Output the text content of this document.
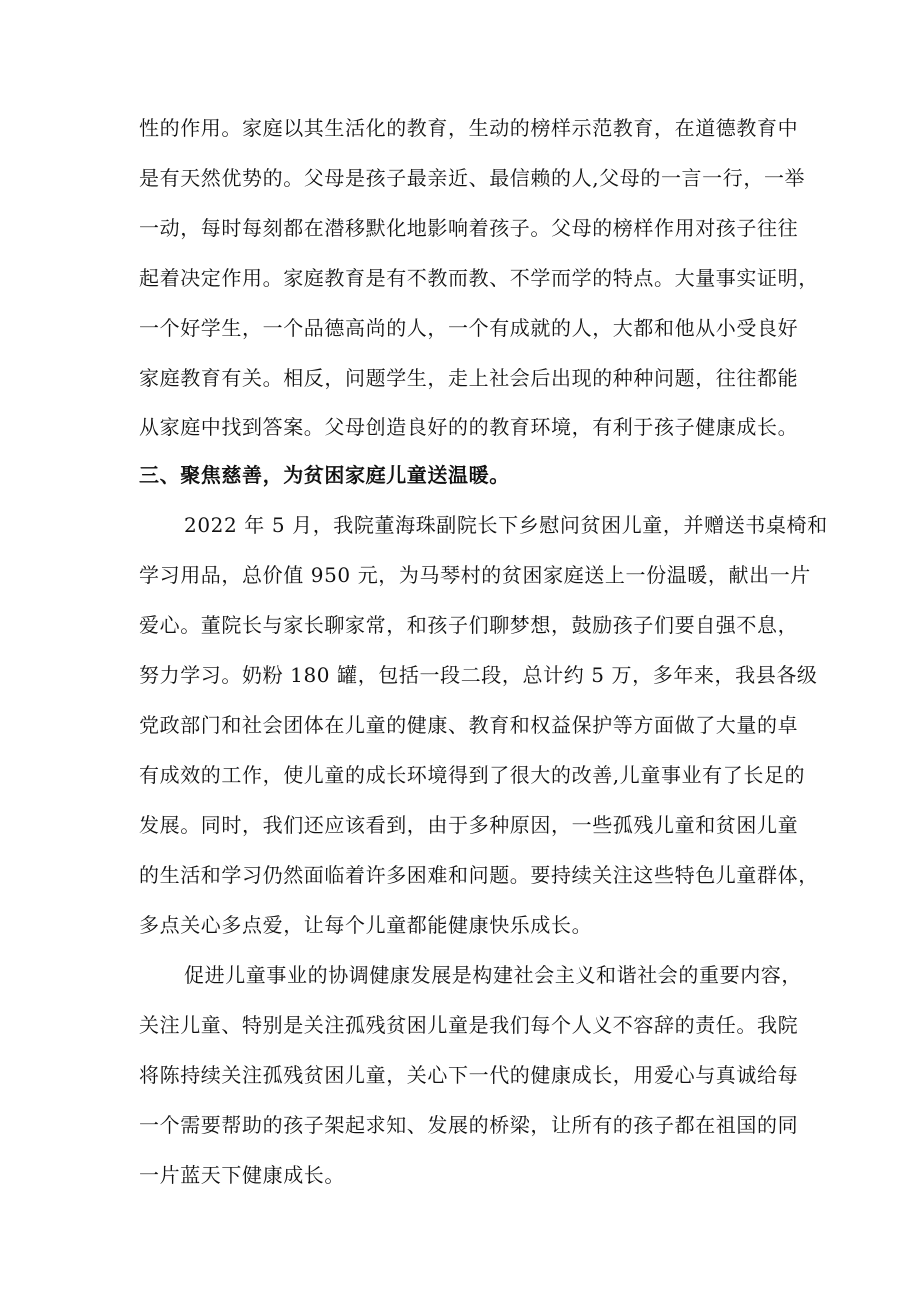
性的作用。家庭以其生活化的教育，生动的榜样示范教育，在道德教育中
是有天然优势的。父母是孩子最亲近、最信赖的人,父母的一言一行，一举
一动，每时每刻都在潜移默化地影响着孩子。父母的榜样作用对孩子往往
起着决定作用。家庭教育是有不教而教、不学而学的特点。大量事实证明，
一个好学生，一个品德高尚的人，一个有成就的人，大都和他从小受良好
家庭教育有关。相反，问题学生，走上社会后出现的种种问题，往往都能
从家庭中找到答案。父母创造良好的的教育环境，有利于孩子健康成长。
三、聚焦慈善，为贫困家庭儿童送温暖。
2022 年 5 月，我院董海珠副院长下乡慰问贫困儿童，并赠送书桌椅和
学习用品，总价值 950 元，为马琴村的贫困家庭送上一份温暖，献出一片
爱心。董院长与家长聊家常，和孩子们聊梦想，鼓励孩子们要自强不息，
努力学习。奶粉 180 罐，包括一段二段，总计约 5 万，多年来，我县各级
党政部门和社会团体在儿童的健康、教育和权益保护等方面做了大量的卓
有成效的工作，使儿童的成长环境得到了很大的改善,儿童事业有了长足的
发展。同时，我们还应该看到，由于多种原因，一些孤残儿童和贫困儿童
的生活和学习仍然面临着许多困难和问题。要持续关注这些特色儿童群体，
多点关心多点爱，让每个儿童都能健康快乐成长。
促进儿童事业的协调健康发展是构建社会主义和谐社会的重要内容，
关注儿童、特别是关注孤残贫困儿童是我们每个人义不容辞的责任。我院
将陈持续关注孤残贫困儿童，关心下一代的健康成长，用爱心与真诚给每
一个需要帮助的孩子架起求知、发展的桥梁，让所有的孩子都在祖国的同
一片蓝天下健康成长。
